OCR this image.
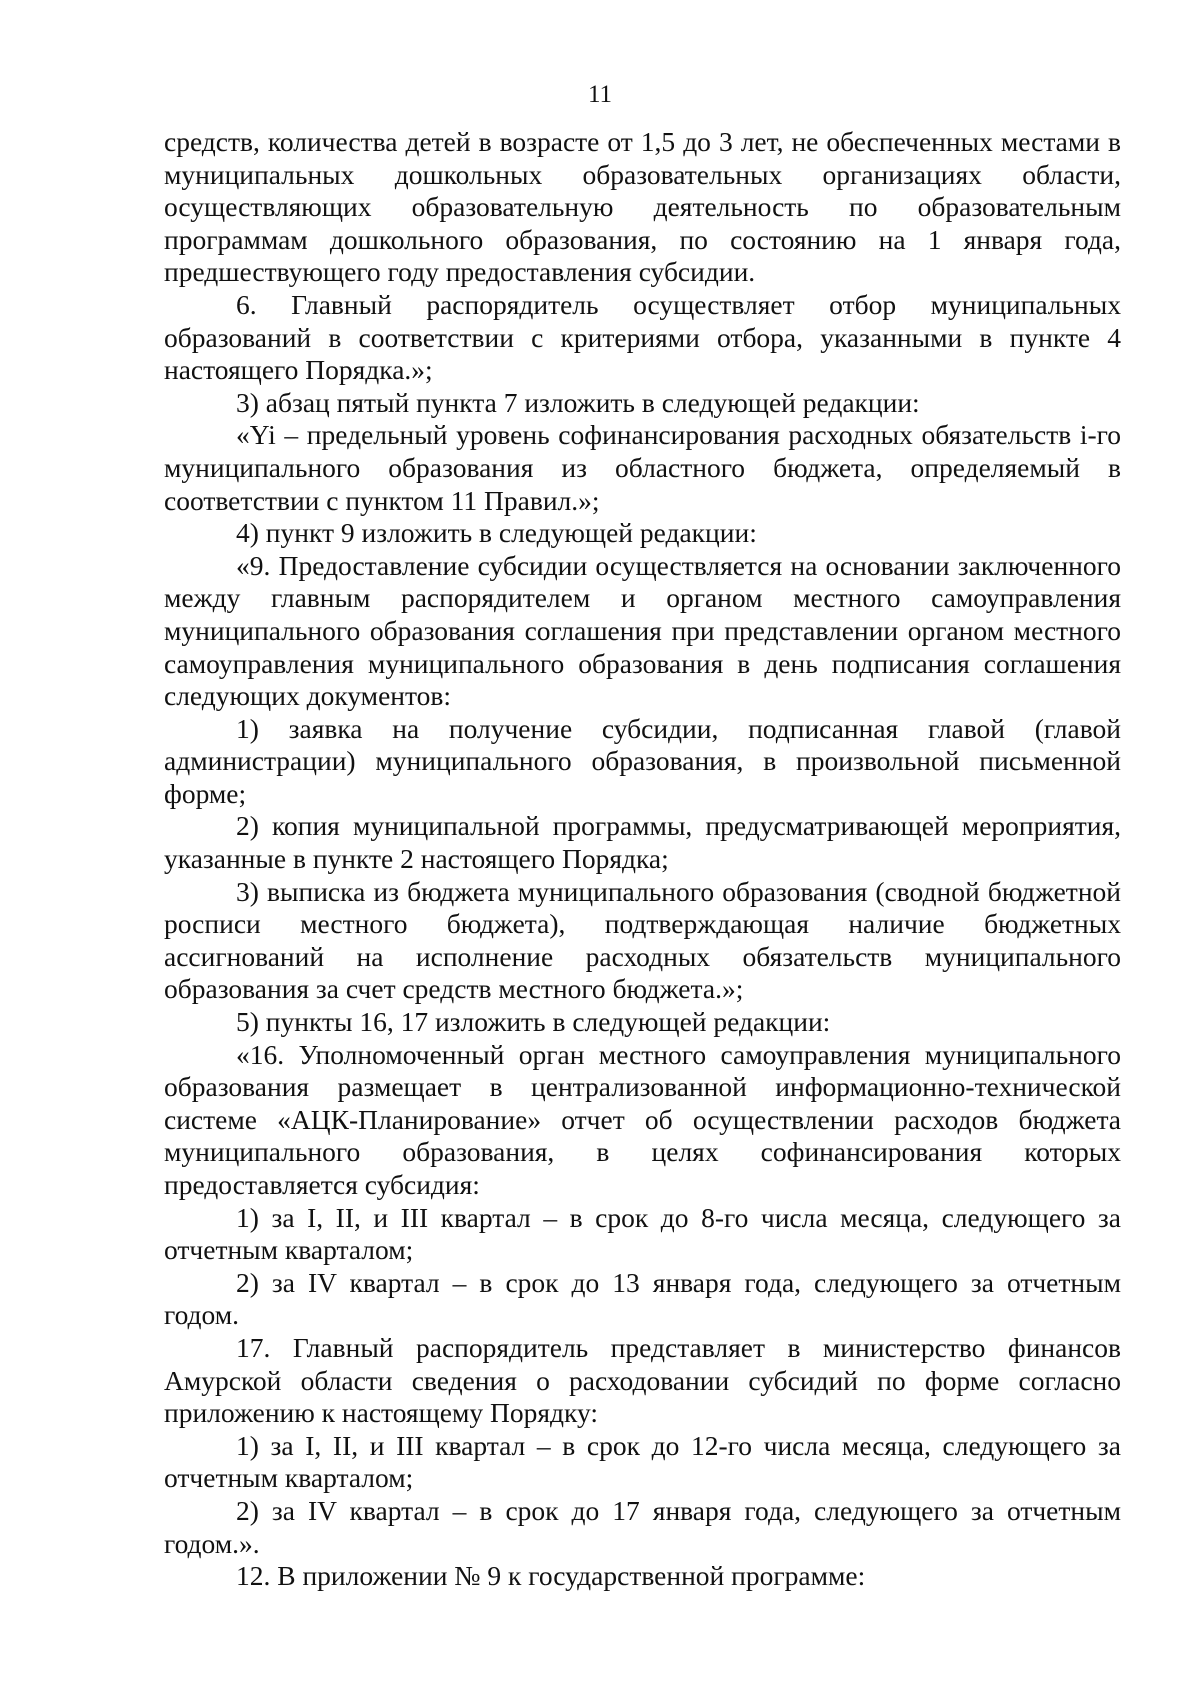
11

средств, количества детей в возрасте от 1,5 до 3 лет, не обеспеченных местами в муниципальных дошкольных образовательных организациях области, осуществляющих образовательную деятельность по образовательным программам дошкольного образования, по состоянию на 1 января года, предшествующего году предоставления субсидии.

6. Главный распорядитель осуществляет отбор муниципальных образований в соответствии с критериями отбора, указанными в пункте 4 настоящего Порядка.»;

3) абзац пятый пункта 7 изложить в следующей редакции:

«Yi – предельный уровень софинансирования расходных обязательств i-го муниципального образования из областного бюджета, определяемый в соответствии с пунктом 11 Правил.»;

4) пункт 9 изложить в следующей редакции:

«9. Предоставление субсидии осуществляется на основании заключенного между главным распорядителем и органом местного самоуправления муниципального образования соглашения при представлении органом местного самоуправления муниципального образования в день подписания соглашения следующих документов:

1) заявка на получение субсидии, подписанная главой (главой администрации) муниципального образования, в произвольной письменной форме;

2) копия муниципальной программы, предусматривающей мероприятия, указанные в пункте 2 настоящего Порядка;

3) выписка из бюджета муниципального образования (сводной бюджетной росписи местного бюджета), подтверждающая наличие бюджетных ассигнований на исполнение расходных обязательств муниципального образования за счет средств местного бюджета.»;

5) пункты 16, 17 изложить в следующей редакции:

«16. Уполномоченный орган местного самоуправления муниципального образования размещает в централизованной информационно-технической системе «АЦК-Планирование» отчет об осуществлении расходов бюджета муниципального образования, в целях софинансирования которых предоставляется субсидия:

1) за I, II, и III квартал – в срок до 8-го числа месяца, следующего за отчетным кварталом;

2) за IV квартал – в срок до 13 января года, следующего за отчетным годом.

17. Главный распорядитель представляет в министерство финансов Амурской области сведения о расходовании субсидий по форме согласно приложению к настоящему Порядку:

1) за I, II, и III квартал – в срок до 12-го числа месяца, следующего за отчетным кварталом;

2) за IV квартал – в срок до 17 января года, следующего за отчетным годом.».

12. В приложении № 9 к государственной программе:
